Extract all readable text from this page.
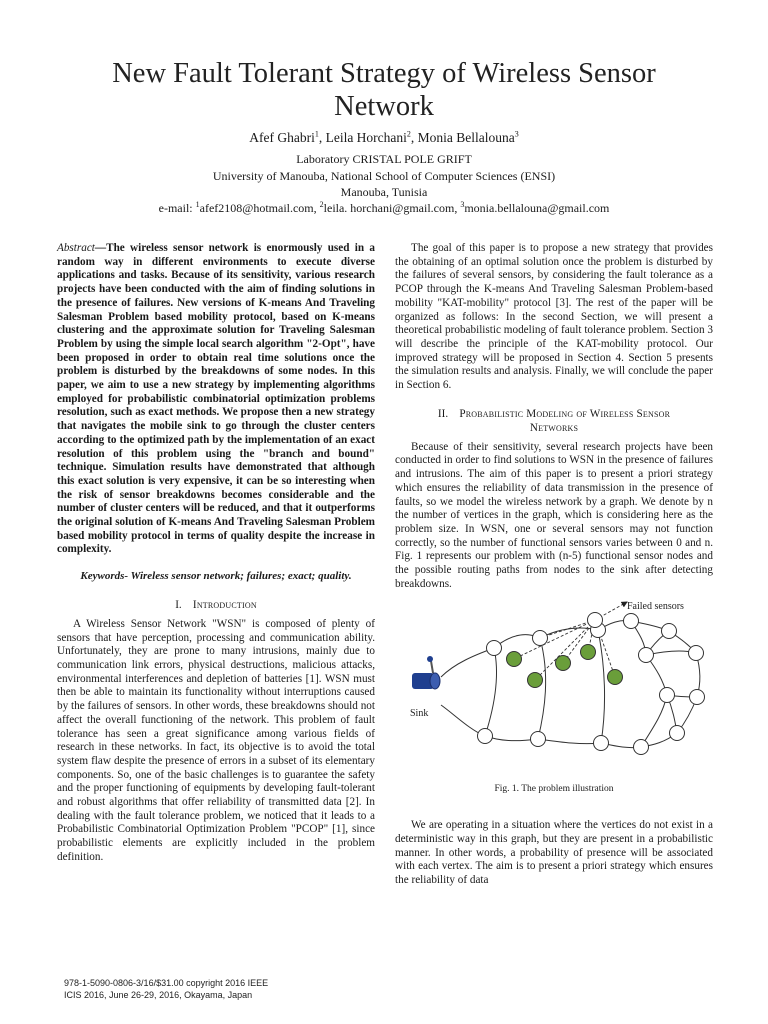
New Fault Tolerant Strategy of Wireless Sensor
Network
Afef Ghabri$^1$, Leila Horchani$^2$, Monia Bellalouna$^3$
Laboratory CRISTAL POLE GRIFT
University of Manouba, National School of Computer Sciences (ENSI)
Manouba, Tunisia
e-mail: $^1$afef2108@hotmail.com, $^2$leila. horchani@gmail.com, $^3$monia.bellalouna@gmail.com

Abstract—The wireless sensor network is enormously used in a random way in different environments to execute diverse applications and tasks. Because of its sensitivity, various research projects have been conducted with the aim of finding solutions in the presence of failures. New versions of K-means And Traveling Salesman Problem based mobility protocol, based on K-means clustering and the approximate solution for Traveling Salesman Problem by using the simple local search algorithm "2-Opt", have been proposed in order to obtain real time solutions once the problem is disturbed by the breakdowns of some nodes. In this paper, we aim to use a new strategy by implementing algorithms employed for probabilistic combinatorial optimization problems resolution, such as exact methods. We propose then a new strategy that navigates the mobile sink to go through the cluster centers according to the optimized path by the implementation of an exact resolution of this problem using the "branch and bound" technique. Simulation results have demonstrated that although this exact solution is very expensive, it can be so interesting when the risk of sensor breakdowns becomes considerable and the number of cluster centers will be reduced, and that it outperforms the original solution of K-means And Traveling Salesman Problem based mobility protocol in terms of quality despite the increase in complexity.

Keywords- Wireless sensor network; failures; exact; quality.

I. Introduction

A Wireless Sensor Network "WSN" is composed of plenty of sensors that have perception, processing and communication ability. Unfortunately, they are prone to many intrusions, mainly due to communication link errors, physical destructions, malicious attacks, environmental interferences and depletion of batteries [1]. WSN must then be able to maintain its functionality without interruptions caused by the failures of sensors. In other words, these breakdowns should not affect the overall functioning of the network. This problem of fault tolerance has seen a great significance among various fields of research in these networks. In fact, its objective is to avoid the total system flaw despite the presence of errors in a subset of its elementary components. So, one of the basic challenges is to guarantee the safety and the proper functioning of equipments by developing fault-tolerant and robust algorithms that offer reliability of transmitted data [2]. In dealing with the fault tolerance problem, we noticed that it leads to a Probabilistic Combinatorial Optimization Problem "PCOP" [1], since probabilistic elements are explicitly included in the problem definition.

The goal of this paper is to propose a new strategy that provides the obtaining of an optimal solution once the problem is disturbed by the failures of several sensors, by considering the fault tolerance as a PCOP through the K-means And Traveling Salesman Problem-based mobility "KAT-mobility" protocol [3]. The rest of the paper will be organized as follows: In the second Section, we will present a theoretical probabilistic modeling of fault tolerance problem. Section 3 will describe the principle of the KAT-mobility protocol. Our improved strategy will be proposed in Section 4. Section 5 presents the simulation results and analysis. Finally, we will conclude the paper in Section 6.

II. Probabilistic Modeling of Wireless Sensor
Networks

Because of their sensitivity, several research projects have been conducted in order to find solutions to WSN in the presence of failures and intrusions. The aim of this paper is to present a priori strategy which ensures the reliability of data transmission in the presence of faults, so we model the wireless network by a graph. We denote by n the number of vertices in the graph, which is considering here as the problem size. In WSN, one or several sensors may not function correctly, so the number of functional sensors varies between 0 and n. Fig. 1 represents our problem with (n-5) functional sensor nodes and the possible routing paths from nodes to the sink after detecting breakdowns.

Failed sensors
Sink

Fig. 1. The problem illustration

We are operating in a situation where the vertices do not exist in a deterministic way in this graph, but they are present in a probabilistic manner. In other words, a probability of presence will be associated with each vertex. The aim is to present a priori strategy which ensures the reliability of data

978-1-5090-0806-3/16/$31.00 copyright 2016 IEEE
ICIS 2016, June 26-29, 2016, Okayama, Japan
